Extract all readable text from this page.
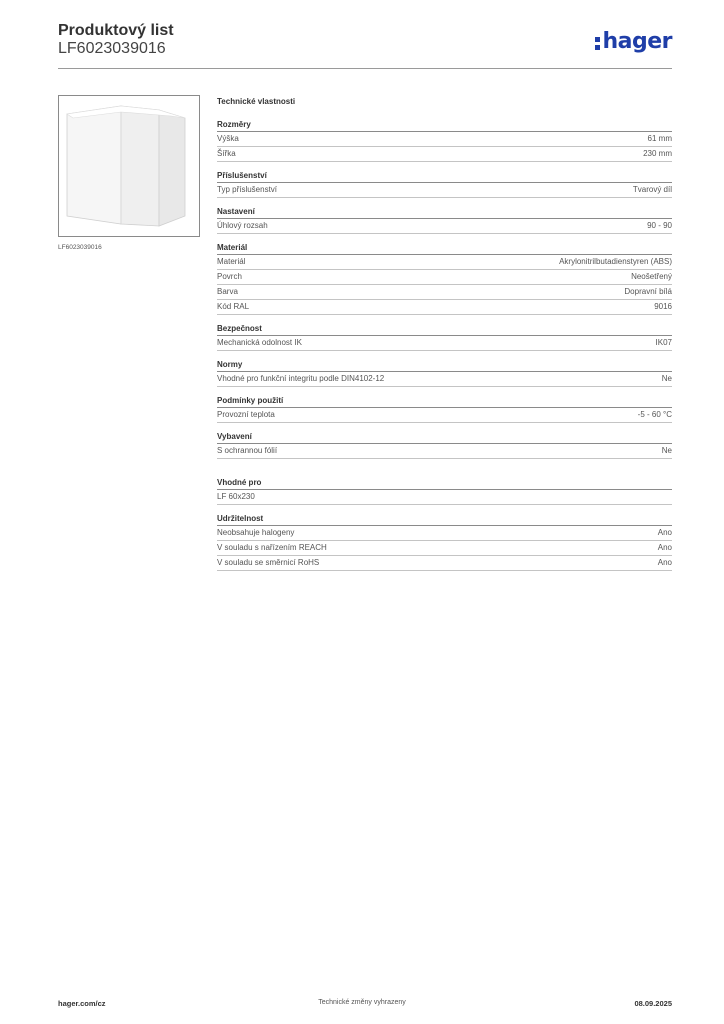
Produktový list
LF6023039016	hager
LF6023039016
Technické vlastnosti
Rozměry
Výška	61 mm
Šířka	230 mm
Příslušenství
Typ příslušenství	Tvarový díl
Nastavení
Úhlový rozsah	90 - 90
Materiál
Materiál	Akrylonitrilbutadienstyren (ABS)
Povrch	Neošetřený
Barva	Dopravní bílá
Kód RAL	9016
Bezpečnost
Mechanická odolnost IK	IK07
Normy
Vhodné pro funkční integritu podle DIN4102-12	Ne
Podmínky použití
Provozní teplota	-5 - 60 °C
Vybavení
S ochrannou fólií	Ne
Vhodné pro
LF 60x230
Udržitelnost
Neobsahuje halogeny	Ano
V souladu s nařízením REACH	Ano
V souladu se směrnicí RoHS	Ano
hager.com/cz	Technické změny vyhrazeny	08.09.2025
